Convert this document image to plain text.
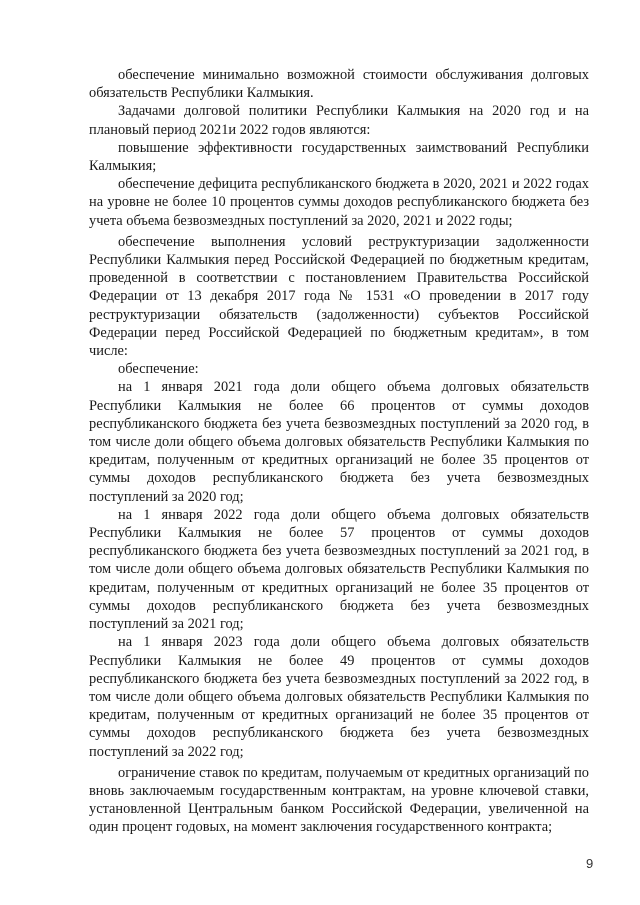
обеспечение минимально возможной стоимости обслуживания долговых обязательств Республики Калмыкия.

Задачами долговой политики Республики Калмыкия на 2020 год и на плановый период 2021и 2022 годов являются:

повышение эффективности государственных заимствований Республики Калмыкия;

обеспечение дефицита республиканского бюджета в 2020, 2021 и 2022 годах на уровне не более 10 процентов суммы доходов республиканского бюджета без учета объема безвозмездных поступлений за 2020, 2021 и 2022 годы;

обеспечение выполнения условий реструктуризации задолженности Республики Калмыкия перед Российской Федерацией по бюджетным кредитам, проведенной в соответствии с постановлением Правительства Российской Федерации от 13 декабря 2017 года № 1531 «О проведении в 2017 году реструктуризации обязательств (задолженности) субъектов Российской Федерации перед Российской Федерацией по бюджетным кредитам», в том числе:

обеспечение:

на 1 января 2021 года доли общего объема долговых обязательств Республики Калмыкия не более 66 процентов от суммы доходов республиканского бюджета без учета безвозмездных поступлений за 2020 год, в том числе доли общего объема долговых обязательств Республики Калмыкия по кредитам, полученным от кредитных организаций не более 35 процентов от суммы доходов республиканского бюджета без учета безвозмездных поступлений за 2020 год;

на 1 января 2022 года доли общего объема долговых обязательств Республики Калмыкия не более 57 процентов от суммы доходов республиканского бюджета без учета безвозмездных поступлений за 2021 год, в том числе доли общего объема долговых обязательств Республики Калмыкия по кредитам, полученным от кредитных организаций не более 35 процентов от суммы доходов республиканского бюджета без учета безвозмездных поступлений за 2021 год;

на 1 января 2023 года доли общего объема долговых обязательств Республики Калмыкия не более 49 процентов от суммы доходов республиканского бюджета без учета безвозмездных поступлений за 2022 год, в том числе доли общего объема долговых обязательств Республики Калмыкия по кредитам, полученным от кредитных организаций не более 35 процентов от суммы доходов республиканского бюджета без учета безвозмездных поступлений за 2022 год;

ограничение ставок по кредитам, получаемым от кредитных организаций по вновь заключаемым государственным контрактам, на уровне ключевой ставки, установленной Центральным банком Российской Федерации, увеличенной на один процент годовых, на момент заключения государственного контракта;

9
